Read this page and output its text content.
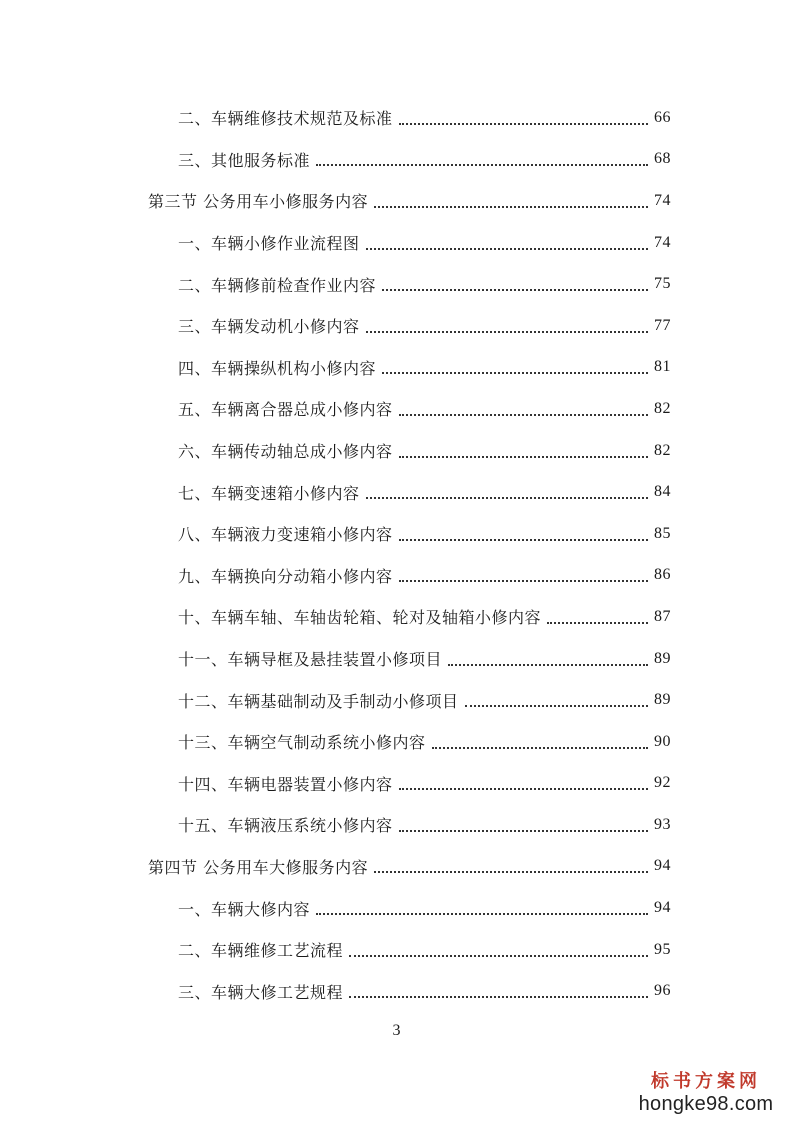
二、车辆维修技术规范及标准	66
三、其他服务标准	68
第三节 公务用车小修服务内容	74
一、车辆小修作业流程图	74
二、车辆修前检查作业内容	75
三、车辆发动机小修内容	77
四、车辆操纵机构小修内容	81
五、车辆离合器总成小修内容	82
六、车辆传动轴总成小修内容	82
七、车辆变速箱小修内容	84
八、车辆液力变速箱小修内容	85
九、车辆换向分动箱小修内容	86
十、车辆车轴、车轴齿轮箱、轮对及轴箱小修内容	87
十一、车辆导框及悬挂装置小修项目	89
十二、车辆基础制动及手制动小修项目	89
十三、车辆空气制动系统小修内容	90
十四、车辆电器装置小修内容	92
十五、车辆液压系统小修内容	93
第四节 公务用车大修服务内容	94
一、车辆大修内容	94
二、车辆维修工艺流程	95
三、车辆大修工艺规程	96
3
标书方案网
hongke98.com
